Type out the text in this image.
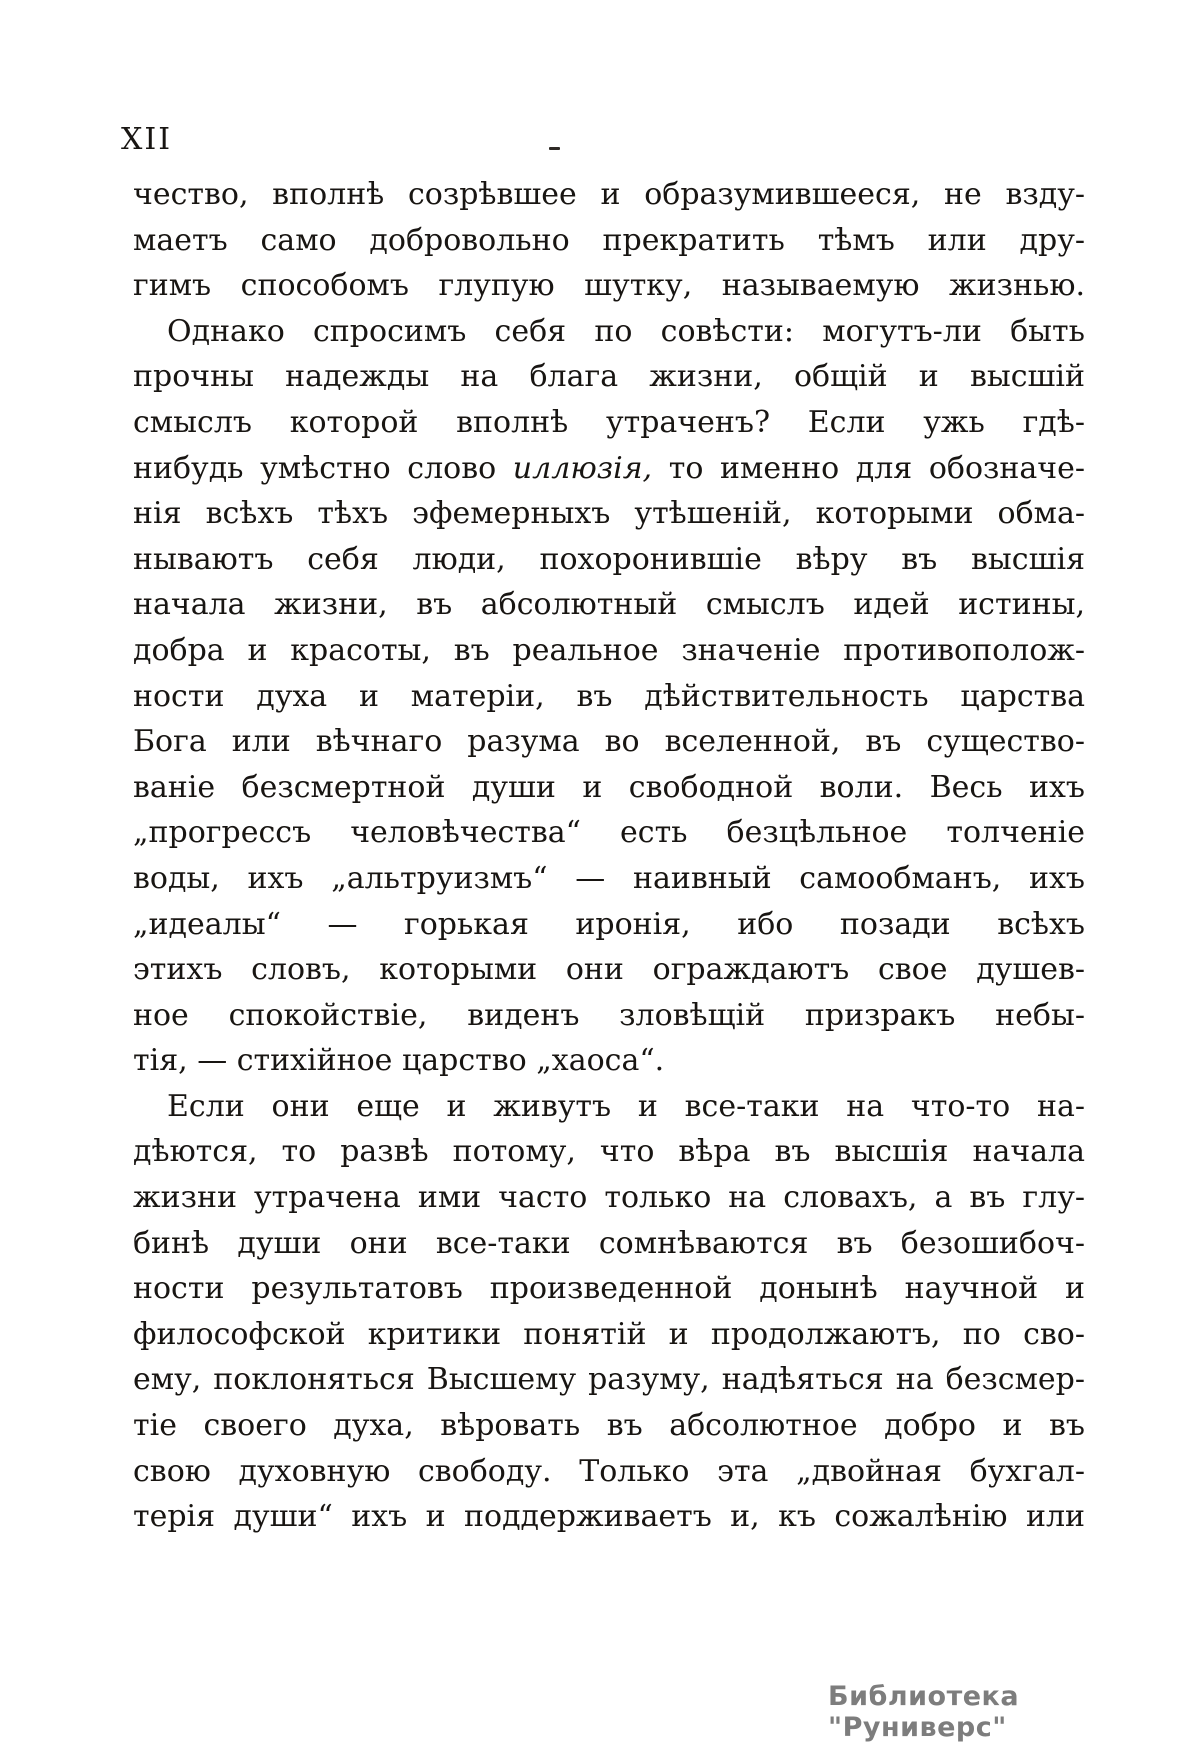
XII
чество, вполнѣ созрѣвшее и образумившееся, не взду-
маетъ само добровольно прекратить тѣмъ или дру-
гимъ способомъ глупую шутку, называемую жизнью.
Однако спросимъ себя по совѣсти: могутъ-ли быть
прочны надежды на блага жизни, общій и высшій
смыслъ которой вполнѣ утраченъ? Если ужь гдѣ-
нибудь умѣстно слово иллюзія, то именно для обозначе-
нія всѣхъ тѣхъ эфемерныхъ утѣшеній, которыми обма-
нываютъ себя люди, похоронившіе вѣру въ высшія
начала жизни, въ абсолютный смыслъ идей истины,
добра и красоты, въ реальное значеніе противополож-
ности духа и матеріи, въ дѣйствительность царства
Бога или вѣчнаго разума во вселенной, въ существо-
ваніе безсмертной души и свободной воли. Весь ихъ
„прогрессъ человѣчества“ есть безцѣльное толченіе
воды, ихъ „альтруизмъ“ — наивный самообманъ, ихъ
„идеалы“ — горькая иронія, ибо позади всѣхъ
этихъ словъ, которыми они ограждаютъ свое душев-
ное спокойствіе, виденъ зловѣщій призракъ небы-
тія, — стихійное царство „хаоса“.
Если они еще и живутъ и все-таки на что-то на-
дѣются, то развѣ потому, что вѣра въ высшія начала
жизни утрачена ими часто только на словахъ, а въ глу-
бинѣ души они все-таки сомнѣваются въ безошибоч-
ности результатовъ произведенной донынѣ научной и
философской критики понятій и продолжаютъ, по сво-
ему, поклоняться Высшему разуму, надѣяться на безсмер-
тіе своего духа, вѣровать въ абсолютное добро и въ
свою духовную свободу. Только эта „двойная бухгал-
терія души“ ихъ и поддерживаетъ и, къ сожалѣнію или
Библиотека "Руниверс"
